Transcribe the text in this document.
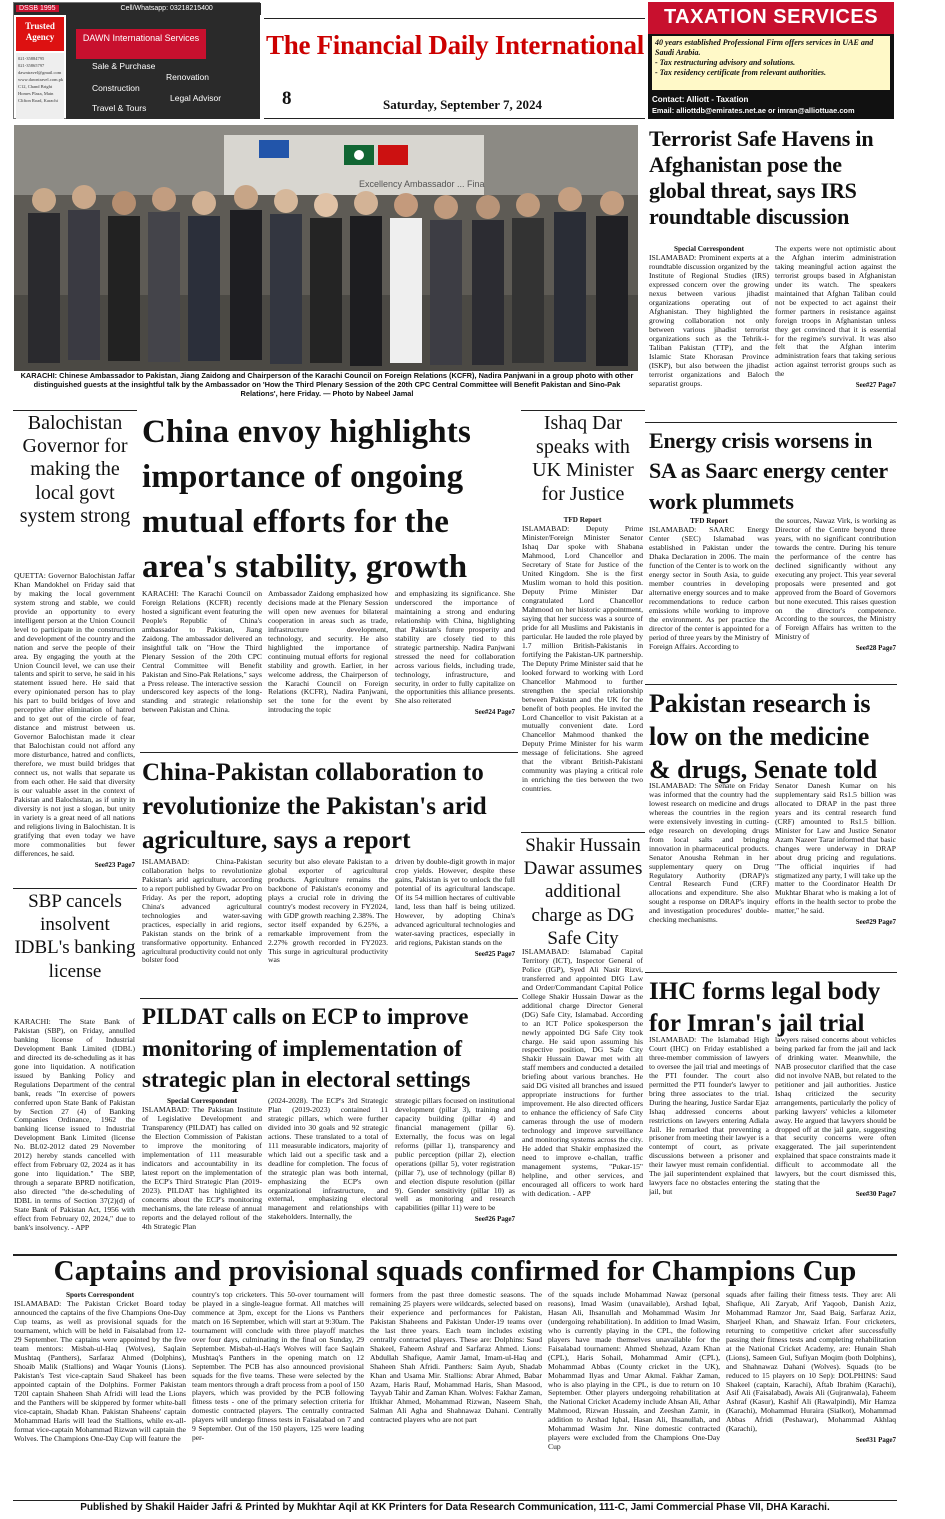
DSSB 1995	Cell/Whatsapp: 03218215400
Trusted Agency
021-35884795
021-35865797
dawntravel@gmail.com
www.dawntravel.com.pk
C12, Chand Bright Homes Plaza, Main Clifton Road, Karachi
DAWN International Services
Sale & Purchase
Renovation
Construction
Legal Advisor
Travel & Tours
The Financial Daily International
8	Saturday, September 7, 2024
TAXATION SERVICES
40 years established Professional Firm offers services in UAE and Saudi Arabia.
- Tax restructuring advisory and solutions.
- Tax residency certificate from relevant authorities.
Contact: Alliott - Taxation
Email: alliottdb@emirates.net.ae or imran@alliottuae.com
Excellency Ambassador ... Fina
KARACHI: Chinese Ambassador to Pakistan, Jiang Zaidong and Chairperson of the Karachi Council on Foreign Relations (KCFR), Nadira Panjwani in a group photo with other distinguished guests at the insightful talk by the Ambassador on 'How the Third Plenary Session of the 20th CPC Central Committee will Benefit Pakistan and Sino-Pak Relations', here Friday. — Photo by Nabeel Jamal
Terrorist Safe Havens in Afghanistan pose the global threat, says IRS roundtable discussion
Special Correspondent

ISLAMABAD: Prominent experts at a roundtable discussion organized by the Institute of Regional Studies (IRS) expressed concern over the growing nexus between various jihadist organizations operating out of Afghanistan. They highlighted the growing collaboration not only between various jihadist terrorist organizations such as the Tehrik-i-Taliban Pakistan (TTP), and the Islamic State Khorasan Province (ISKP), but also between the jihadist terrorist organizations and Baloch separatist groups.

The experts were not optimistic about the Afghan interim administration taking meaningful action against the terrorist groups based in Afghanistan under its watch. The speakers maintained that Afghan Taliban could not be expected to act against their former partners in resistance against foreign troops in Afghanistan unless they get convinced that it is essential for the regime's survival. It was also felt that the Afghan interim administration fears that taking serious action against terrorist groups such as the

See#27 Page7
Balochistan Governor for making the local govt system strong

QUETTA: Governor Balochistan Jaffar Khan Mandokhel on Friday said that by making the local government system strong and stable, we could provide an opportunity to every intelligent person at the Union Council level to participate in the construction and development of the country and the nation and serve the people of their area. By engaging the youth at the Union Council level, we can use their talents and spirit to serve, he said in his statement issued here. He said that every opinionated person has to play his part to build bridges of love and perceptive after elimination of hatred and to get out of the circle of fear, distance and mistrust between us. Governor Balochistan made it clear that Balochistan could not afford any more disturbance, hatred and conflicts, therefore, we must build bridges that connect us, not walls that separate us from each other. He said that diversity is our valuable asset in the context of Pakistan and Balochistan, as if unity in diversity is not just a slogan, but unity in variety is a great need of all nations and religions living in Balochistan. It is gratifying that even today we have more commonalities but fewer differences, he said.

See#23 Page7
China envoy highlights importance of ongoing mutual efforts for the area's stability, growth

KARACHI: The Karachi Council on Foreign Relations (KCFR) recently hosted a significant event featuring the People's Republic of China's ambassador to Pakistan, Jiang Zaidong. The ambassador delivered an insightful talk on "How the Third Plenary Session of the 20th CPC Central Committee will Benefit Pakistan and Sino-Pak Relations," says a Press release. The interactive session underscored key aspects of the long-standing and strategic relationship between Pakistan and China.

Ambassador Zaidong emphasized how decisions made at the Plenary Session will open new avenues for bilateral cooperation in areas such as trade, infrastructure development, technology, and security. He also highlighted the importance of continuing mutual efforts for regional stability and growth. Earlier, in her welcome address, the Chairperson of the Karachi Council on Foreign Relations (KCFR), Nadira Panjwani, set the tone for the event by introducing the topic

and emphasizing its significance. She underscored the importance of maintaining a strong and enduring relationship with China, highlighting that Pakistan's future prosperity and stability are closely tied to this strategic partnership. Nadira Panjwani stressed the need for collaboration across various fields, including trade, technology, infrastructure, and security, in order to fully capitalize on the opportunities this alliance presents. She also reiterated

See#24 Page7
Ishaq Dar speaks with UK Minister for Justice
TFD Report

ISLAMABAD: Deputy Prime Minister/Foreign Minister Senator Ishaq Dar spoke with Shabana Mahmood, Lord Chancellor and Secretary of State for Justice of the United Kingdom. She is the first Muslim woman to hold this position. Deputy Prime Minister Dar congratulated Lord Chancellor Mahmood on her historic appointment, saying that her success was a source of pride for all Muslims and Pakistanis in particular. He lauded the role played by 1.7 million British-Pakistanis in fortifying the Pakistan-UK partnership. The Deputy Prime Minister said that he looked forward to working with Lord Chancellor Mahmood to further strengthen the special relationship between Pakistan and the UK for the benefit of both peoples. He invited the Lord Chancellor to visit Pakistan at a mutually convenient date. Lord Chancellor Mahmood thanked the Deputy Prime Minister for his warm message of felicitations. She agreed that the vibrant British-Pakistani community was playing a critical role in enriching the ties between the two countries.

Energy crisis worsens in SA as Saarc energy center work plummets
TFD Report

ISLAMABAD: SAARC Energy Center (SEC) Islamabad was established in Pakistan under the Dhaka Declaration in 2006. The main function of the Center is to work on the energy sector in South Asia, to guide member countries in developing alternative energy sources and to make recommendations to reduce carbon emissions while working to improve the environment. As per practice the director of the center is appointed for a period of three years by the Ministry of Foreign Affairs. According to

the sources, Nawaz Virk, is working as Director of the Centre beyond three years, with no significant contribution towards the centre. During his tenure the performance of the centre has declined significantly without any executing any project. This year several proposals were presented and got approved from the Board of Governors but none executed. This raises question on the director's competence. According to the sources, the Ministry of Foreign Affairs has written to the Ministry of

See#28 Page7
China-Pakistan collaboration to revolutionize the Pakistan's arid agriculture, says a report

ISLAMABAD: China-Pakistan collaboration helps to revolutionize Pakistan's arid agriculture, according to a report published by Gwadar Pro on Friday. As per the report, adopting China's advanced agricultural technologies and water-saving practices, especially in arid regions, Pakistan stands on the brink of a transformative opportunity. Enhanced agricultural productivity could not only bolster food

security but also elevate Pakistan to a global exporter of agricultural products. Agriculture remains the backbone of Pakistan's economy and plays a crucial role in driving the country's modest recovery in FY2024, with GDP growth reaching 2.38%. The sector itself expanded by 6.25%, a remarkable improvement from the 2.27% growth recorded in FY2023. This surge in agricultural productivity was

driven by double-digit growth in major crop yields. However, despite these gains, Pakistan is yet to unlock the full potential of its agricultural landscape. Of its 54 million hectares of cultivable land, less than half is being utilized. However, by adopting China's advanced agricultural technologies and water-saving practices, especially in arid regions, Pakistan stands on the

See#25 Page7
Pakistan research is low on the medicine & drugs, Senate told

ISLAMABAD: The Senate on Friday was informed that the country had the lowest research on medicine and drugs whereas the countries in the region were extensively investing in cutting-edge research on developing drugs from local salts and bringing innovation in pharmaceutical products. Senator Anousha Rehman in her supplementary query on Drug Regulatory Authority (DRAP)'s Central Research Fund (CRF) allocations and expenditure. She also sought a response on DRAP's inquiry and investigation procedures' double-checking mechanisms.

Senator Danesh Kumar on his supplementary said Rs1.5 billion was allocated to DRAP in the past three years and its central research fund (CRF) amounted to Rs1.5 billion. Minister for Law and Justice Senator Azam Nazeer Tarar informed that basic changes were underway in DRAP about drug pricing and regulations. "The official inquiries if had stigmatized any party, I will take up the matter to the Coordinator Health Dr Mukhtar Bharat who is making a lot of efforts in the health sector to probe the matter," he said.

See#29 Page7
Shakir Hussain Dawar assumes additional charge as DG Safe City

ISLAMABAD: Islamabad Capital Territory (ICT), Inspector General of Police (IGP), Syed Ali Nasir Rizvi, transferred and appointed DIG Law and Order/Commandant Capital Police College Shakir Hussain Dawar as the additional charge Director General (DG) Safe City, Islamabad. According to an ICT Police spokesperson the newly appointed DG Safe City took charge. He said upon assuming his respective position, DG Safe City Shakir Hussain Dawar met with all staff members and conducted a detailed briefing about various branches. He said DG visited all branches and issued appropriate instructions for further improvement. He also directed officers to enhance the efficiency of Safe City cameras through the use of modern technology and improve surveillance and monitoring systems across the city. He added that Shakir emphasized the need to improve e-challan, traffic management systems, "Pukar-15" helpline, and other services, and encouraged all officers to work hard with dedication. - APP

SBP cancels insolvent IDBL's banking license

KARACHI: The State Bank of Pakistan (SBP), on Friday, annulled banking license of Industrial Development Bank Limited (IDBL) and directed its de-scheduling as it has gone into liquidation. A notification issued by Banking Policy and Regulations Department of the central bank, reads "In exercise of powers conferred upon State Bank of Pakistan by Section 27 (4) of Banking Companies Ordinance, 1962 the banking license issued to Industrial Development Bank Limited (license No. BL02-2012 dated 29 November 2012) hereby stands cancelled with effect from February 02, 2024 as it has gone into liquidation." The SBP, through a separate BPRD notification, also directed "the de-scheduling of IDBL in terms of Section 37(2)(d) of State Bank of Pakistan Act, 1956 with effect from February 02, 2024," due to bank's insolvency. - APP

PILDAT calls on ECP to improve monitoring of implementation of strategic plan in electoral settings
Special Correspondent

ISLAMABAD: The Pakistan Institute of Legislative Development and Transparency (PILDAT) has called on the Election Commission of Pakistan to improve the monitoring of implementation of 111 measurable indicators and accountability in its latest report on the implementation of the ECP's Third Strategic Plan (2019-2023). PILDAT has highlighted its concerns about the ECP's monitoring mechanisms, the late release of annual reports and the delayed rollout of the 4th Strategic Plan

(2024-2028). The ECP's 3rd Strategic Plan (2019-2023) contained 11 strategic pillars, which were further divided into 30 goals and 92 strategic actions. These translated to a total of 111 measurable indicators, majority of which laid out a specific task and a deadline for completion. The focus of the strategic plan was both internal, emphasizing the ECP's own organizational infrastructure, and external, emphasizing electoral management and relationships with stakeholders. Internally, the

strategic pillars focused on institutional development (pillar 3), training and capacity building (pillar 4) and financial management (pillar 6). Externally, the focus was on legal reforms (pillar 1), transparency and public perception (pillar 2), election operations (pillar 5), voter registration (pillar 7), use of technology (pillar 8) and election dispute resolution (pillar 9). Gender sensitivity (pillar 10) as well as monitoring and research capabilities (pillar 11) were to be

See#26 Page7
IHC forms legal body for Imran's jail trial

ISLAMABAD: The Islamabad High Court (IHC) on Friday established a three-member commission of lawyers to oversee the jail trial and meetings of the PTI founder. The court also permitted the PTI founder's lawyer to bring three associates to the trial. During the hearing, Justice Sardar Ejaz Ishaq addressed concerns about restrictions on lawyers entering Adiala Jail. He remarked that preventing a prisoner from meeting their lawyer is a contempt of court, as private discussions between a prisoner and their lawyer must remain confidential. The jail superintendent explained that lawyers face no obstacles entering the jail, but

lawyers raised concerns about vehicles being parked far from the jail and lack of drinking water. Meanwhile, the NAB prosecutor clarified that the case did not involve NAB, but related to the petitioner and jail authorities. Justice Ishaq criticized the security arrangements, particularly the policy of parking lawyers' vehicles a kilometer away. He argued that lawyers should be dropped off at the jail gate, suggesting that security concerns were often exaggerated. The jail superintendent explained that space constraints made it difficult to accommodate all the lawyers, but the court dismissed this, stating that the

See#30 Page7
Captains and provisional squads confirmed for Champions Cup
Sports Correspondent

ISLAMABAD: The Pakistan Cricket Board today announced the captains of the five Champions One-Day Cup teams, as well as provisional squads for the tournament, which will be held in Faisalabad from 12-29 September. The captains were appointed by the five team mentors: Misbah-ul-Haq (Wolves), Saqlain Mushtaq (Panthers), Sarfaraz Ahmed (Dolphins), Shoaib Malik (Stallions) and Waqar Younis (Lions). Pakistan's Test vice-captain Saud Shakeel has been appointed captain of the Dolphins. Former Pakistan T20I captain Shaheen Shah Afridi will lead the Lions and the Panthers will be skippered by former white-ball vice-captain, Shadab Khan. Pakistan Shaheens' captain Mohammad Haris will lead the Stallions, while ex-all-format vice-captain Mohammad Rizwan will captain the Wolves. The Champions One-Day Cup will feature the

country's top cricketers. This 50-over tournament will be played in a single-league format. All matches will commence at 3pm, except for the Lions vs Panthers match on 16 September, which will start at 9:30am. The tournament will conclude with three playoff matches over four days, culminating in the final on Sunday, 29 September. Misbah-ul-Haq's Wolves will face Saqlain Mushtaq's Panthers in the opening match on 12 September. The PCB has also announced provisional squads for the five teams. These were selected by the team mentors through a draft process from a pool of 150 players, which was provided by the PCB following fitness tests - one of the primary selection criteria for domestic contracted players. The centrally contracted players will undergo fitness tests in Faisalabad on 7 and 9 September. Out of the 150 players, 125 were leading per-

formers from the past three domestic seasons. The remaining 25 players were wildcards, selected based on their experience and performances for Pakistan, Pakistan Shaheens and Pakistan Under-19 teams over the last three years. Each team includes existing centrally contracted players. These are: Dolphins: Saud Shakeel, Faheem Ashraf and Sarfaraz Ahmed. Lions: Abdullah Shafique, Aamir Jamal, Imam-ul-Haq and Shaheen Shah Afridi. Panthers: Saim Ayub, Shadab Khan and Usama Mir. Stallions: Abrar Ahmed, Babar Azam, Haris Rauf, Mohammad Haris, Shan Masood, Tayyab Tahir and Zaman Khan. Wolves: Fakhar Zaman, Iftikhar Ahmed, Mohammad Rizwan, Naseem Shah, Salman Ali Agha and Shahnawaz Dahani. Centrally contracted players who are not part

of the squads include Mohammad Nawaz (personal reasons), Imad Wasim (unavailable), Arshad Iqbal, Hasan Ali, Ihsanullah and Mohammad Wasim Jnr (undergoing rehabilitation). In addition to Imad Wasim, who is currently playing in the CPL, the following players have made themselves unavailable for the Faisalabad tournament: Ahmed Shehzad, Azam Khan (CPL), Haris Sohail, Mohammad Amir (CPL), Mohammad Abbas (County cricket in the UK), Mohammad Ilyas and Umar Akmal. Fakhar Zaman, who is also playing in the CPL, is due to return on 10 September. Other players undergoing rehabilitation at the National Cricket Academy include Ahsan Ali, Athar Mahmood, Rizwan Hussain, and Zeeshan Zamir, in addition to Arshad Iqbal, Hasan Ali, Ihsanullah, and Mohammad Wasim Jnr. Nine domestic contracted players were excluded from the Champions One-Day Cup

squads after failing their fitness tests. They are: Ali Shafique, Ali Zaryab, Arif Yaqoob, Danish Aziz, Mohammad Ramzor Jnr, Saad Baig, Sarfaraz Aziz, Sharjeel Khan, and Shawaiz Irfan. Four cricketers, returning to competitive cricket after successfully passing their fitness tests and completing rehabilitation at the National Cricket Academy, are: Hunain Shah (Lions), Sameen Gul, Sufiyan Moqim (both Dolphins), and Shahnawaz Dahani (Wolves). Squads (to be reduced to 15 players on 10 Sep): DOLPHINS: Saud Shakeel (captain, Karachi), Aftab Ibrahim (Karachi), Asif Ali (Faisalabad), Awais Ali (Gujranwala), Faheem Ashraf (Kasur), Kashif Ali (Rawalpindi), Mir Hamza (Karachi), Mohammad Huraira (Sialkot), Mohammad Abbas Afridi (Peshawar), Mohammad Akhlaq (Karachi),

See#31 Page7
Published by Shakil Haider Jafri & Printed by Mukhtar Aqil at KK Printers for Data Research Communication, 111-C, Jami Commercial Phase VII, DHA Karachi.
